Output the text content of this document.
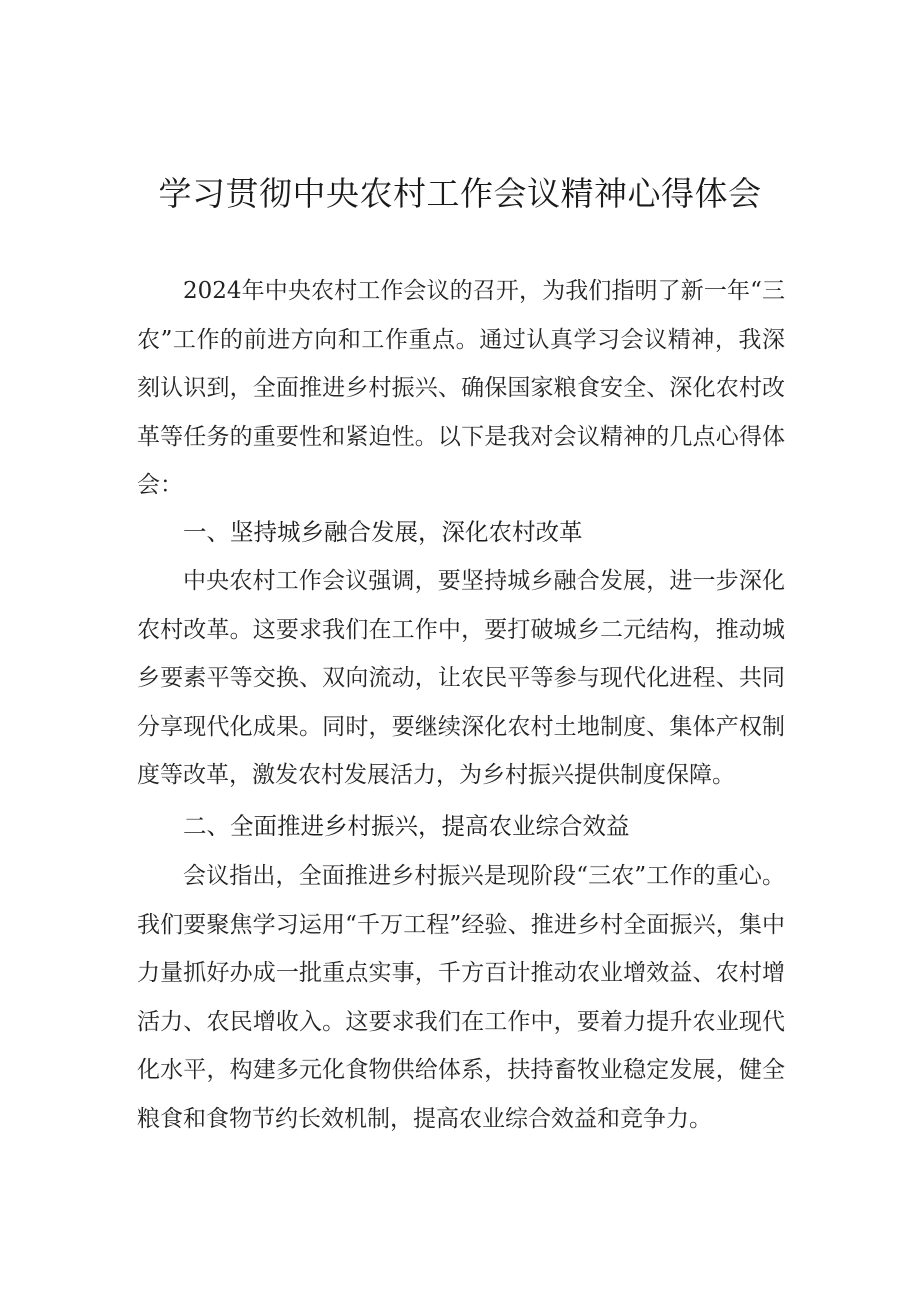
学习贯彻中央农村工作会议精神心得体会
2024年中央农村工作会议的召开，为我们指明了新一年“三农”工作的前进方向和工作重点。通过认真学习会议精神，我深刻认识到，全面推进乡村振兴、确保国家粮食安全、深化农村改革等任务的重要性和紧迫性。以下是我对会议精神的几点心得体会：
一、坚持城乡融合发展，深化农村改革
中央农村工作会议强调，要坚持城乡融合发展，进一步深化农村改革。这要求我们在工作中，要打破城乡二元结构，推动城乡要素平等交换、双向流动，让农民平等参与现代化进程、共同分享现代化成果。同时，要继续深化农村土地制度、集体产权制度等改革，激发农村发展活力，为乡村振兴提供制度保障。
二、全面推进乡村振兴，提高农业综合效益
会议指出，全面推进乡村振兴是现阶段“三农”工作的重心。我们要聚焦学习运用“千万工程”经验、推进乡村全面振兴，集中力量抓好办成一批重点实事，千方百计推动农业增效益、农村增活力、农民增收入。这要求我们在工作中，要着力提升农业现代化水平，构建多元化食物供给体系，扶持畜牧业稳定发展，健全粮食和食物节约长效机制，提高农业综合效益和竞争力。
